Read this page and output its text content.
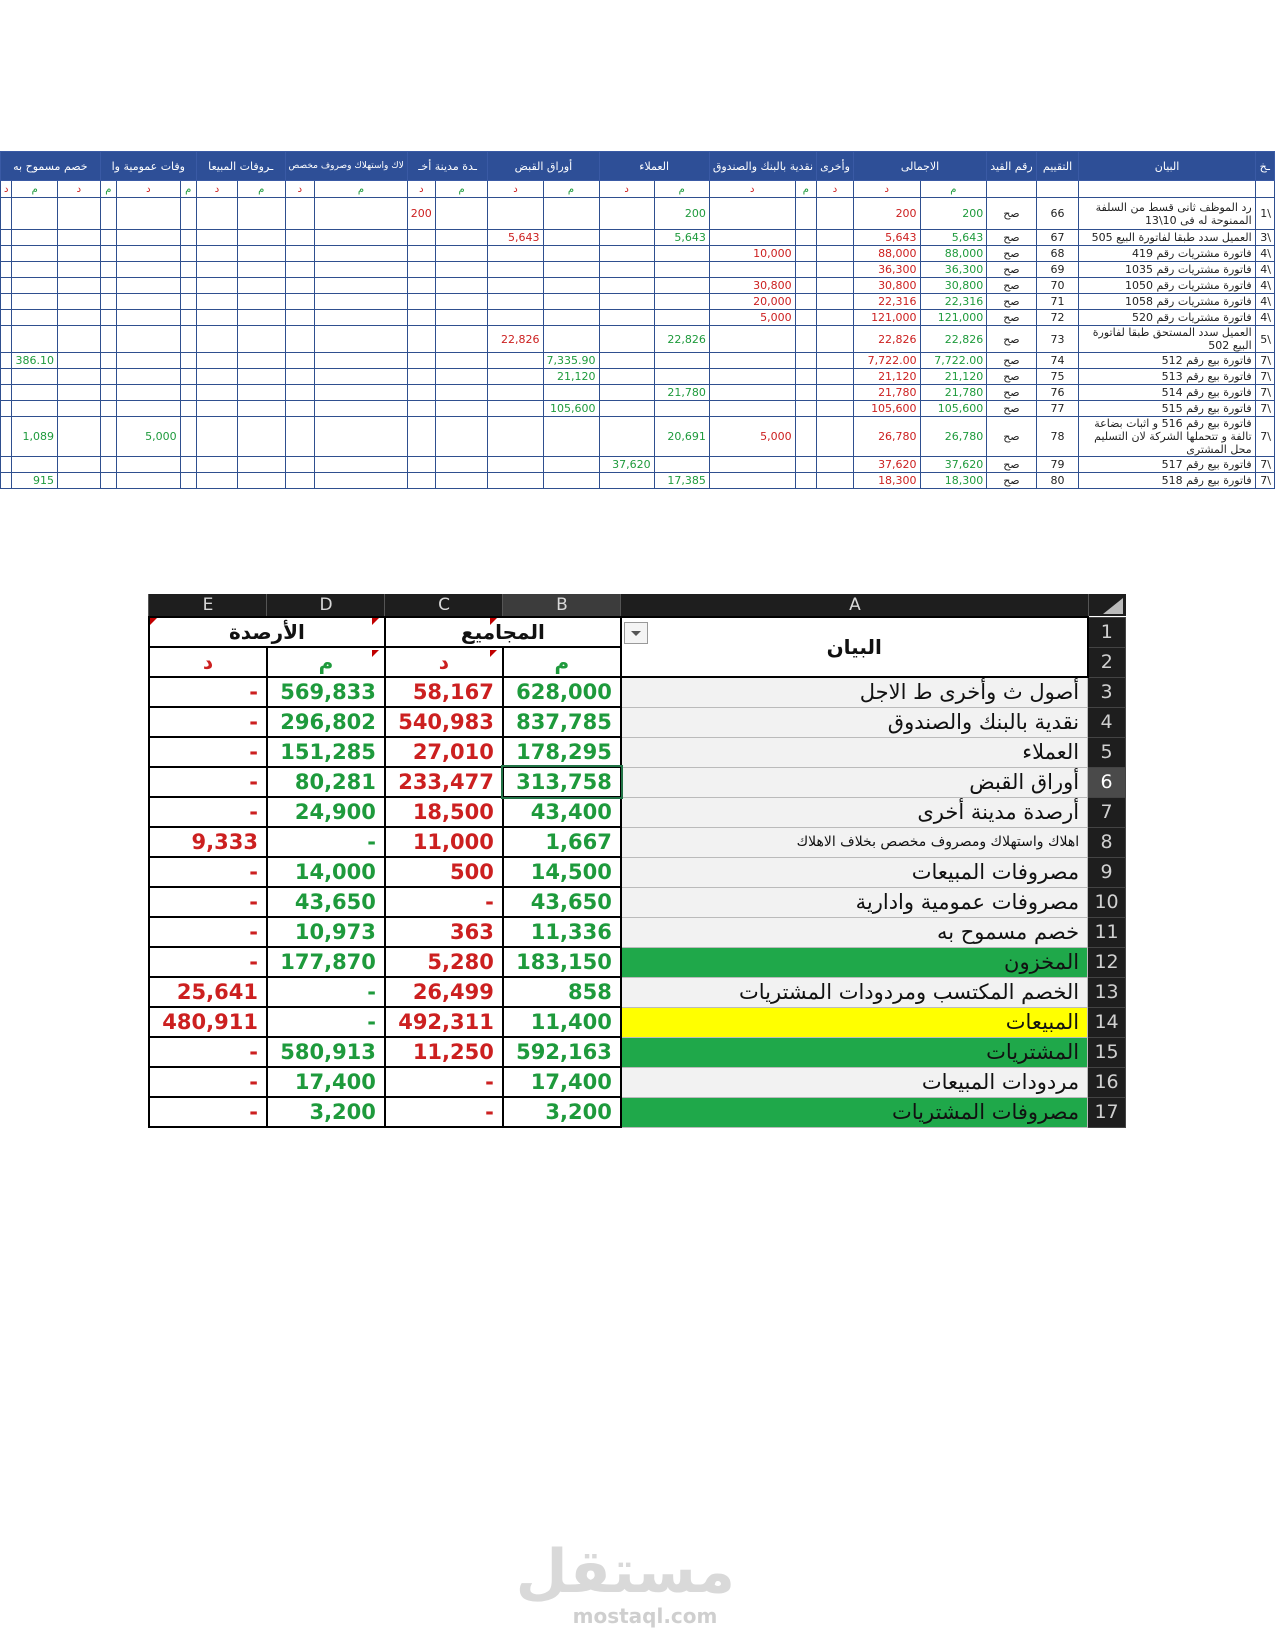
خصم مسموح به			وفات عمومية وا			ـروفات المبيعا		لاك واستهلاك وصروف مخصص		ـدة مدينة أخـ		أوراق القبض		العملاء		نقدية بالبنك والصندوق		وأخرى	الاجمالى		رقم القيد	التقييم	البيان	ـخ
د	م	د	م	د	م	د	م	د	م	د	م	د	م	د	م	د	م	د	د	م				
										200					200				200	200	صح	66	رد الموظف ثانى قسط من السلفة الممنوحة له فى 10\13	1\
												5,643			5,643				5,643	5,643	صح	67	العميل سدد طبقا لفاتورة البيع 505	3\
																10,000			88,000	88,000	صح	68	فاتورة مشتريات رقم 419	4\
																			36,300	36,300	صح	69	فاتورة مشتريات رقم 1035	4\
																30,800			30,800	30,800	صح	70	فاتورة مشتريات رقم 1050	4\
																20,000			22,316	22,316	صح	71	فاتورة مشتريات رقم 1058	4\
																5,000			121,000	121,000	صح	72	فاتورة مشتريات رقم 520	4\
												22,826			22,826				22,826	22,826	صح	73	العميل سدد المستحق طبقا لفاتورة البيع 502	5\
	386.10												7,335.90						7,722.00	7,722.00	صح	74	فاتورة بيع رقم 512	7\
													21,120						21,120	21,120	صح	75	فاتورة بيع رقم 513	7\
															21,780				21,780	21,780	صح	76	فاتورة بيع رقم 514	7\
													105,600						105,600	105,600	صح	77	فاتورة بيع رقم 515	7\
	1,089			5,000											20,691	5,000			26,780	26,780	صح	78	فاتورة بيع رقم 516 و اثبات بضاعة تالفة و تتحملها الشركة لان التسليم محل المشترى	7\
														37,620					37,620	37,620	صح	79	فاتورة بيع رقم 517	7\
	915														17,385				18,300	18,300	صح	80	فاتورة بيع رقم 518	7\
E	D	C	B	A
الأرصدة		المجاميع		البيان	1
د	م	د	م		2
-	569,833	58,167	628,000	أصول ث وأخرى ط الاجل	3
-	296,802	540,983	837,785	نقدية بالبنك والصندوق	4
-	151,285	27,010	178,295	العملاء	5
-	80,281	233,477	313,758	أوراق القبض	6
-	24,900	18,500	43,400	أرصدة مدينة أخرى	7
9,333	-	11,000	1,667	اهلاك واستهلاك ومصروف مخصص بخلاف الاهلاك	8
-	14,000	500	14,500	مصروفات المبيعات	9
-	43,650	-	43,650	مصروفات عمومية وادارية	10
-	10,973	363	11,336	خصم مسموح به	11
-	177,870	5,280	183,150	المخزون	12
25,641	-	26,499	858	الخصم المكتسب ومردودات المشتريات	13
480,911	-	492,311	11,400	المبيعات	14
-	580,913	11,250	592,163	المشتريات	15
-	17,400	-	17,400	مردودات المبيعات	16
-	3,200	-	3,200	مصروفات المشتريات	17
مستقل
mostaql.com
